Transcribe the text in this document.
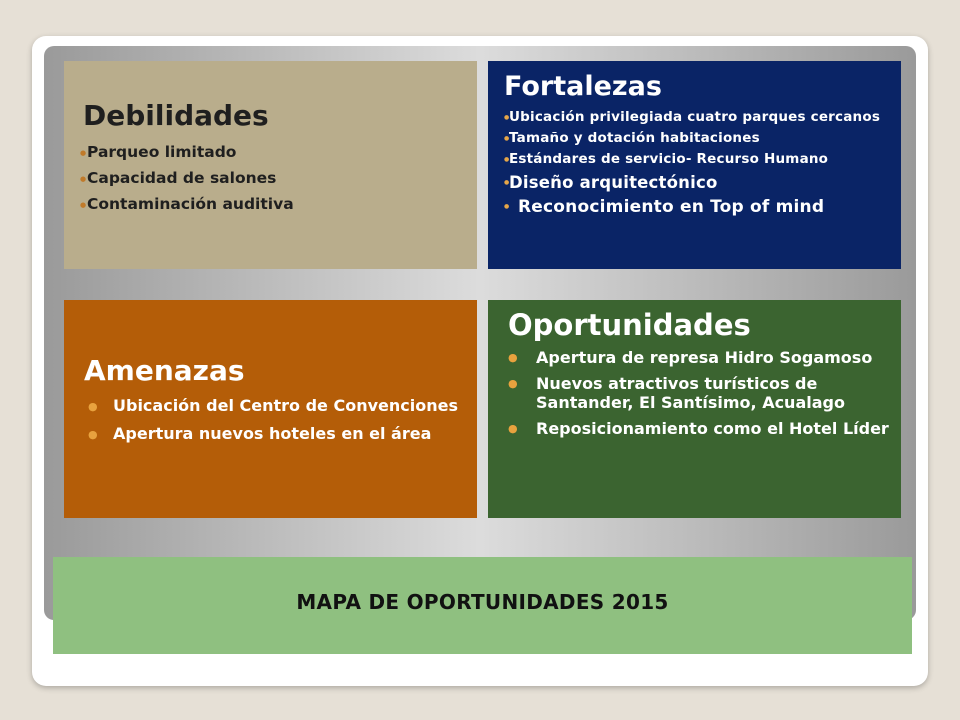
Debilidades
● Parqueo limitado
● Capacidad de salones
● Contaminación auditiva
Fortalezas
● Ubicación privilegiada cuatro parques cercanos
● Tamaño y dotación habitaciones
● Estándares de servicio- Recurso Humano
● Diseño arquitectónico
● Reconocimiento en Top of mind
Amenazas
● Ubicación del Centro de Convenciones
● Apertura nuevos hoteles en el área
Oportunidades
● Apertura de represa Hidro Sogamoso
● Nuevos atractivos turísticos de Santander, El Santísimo, Acualago
● Reposicionamiento como el Hotel Líder
MAPA DE OPORTUNIDADES 2015
